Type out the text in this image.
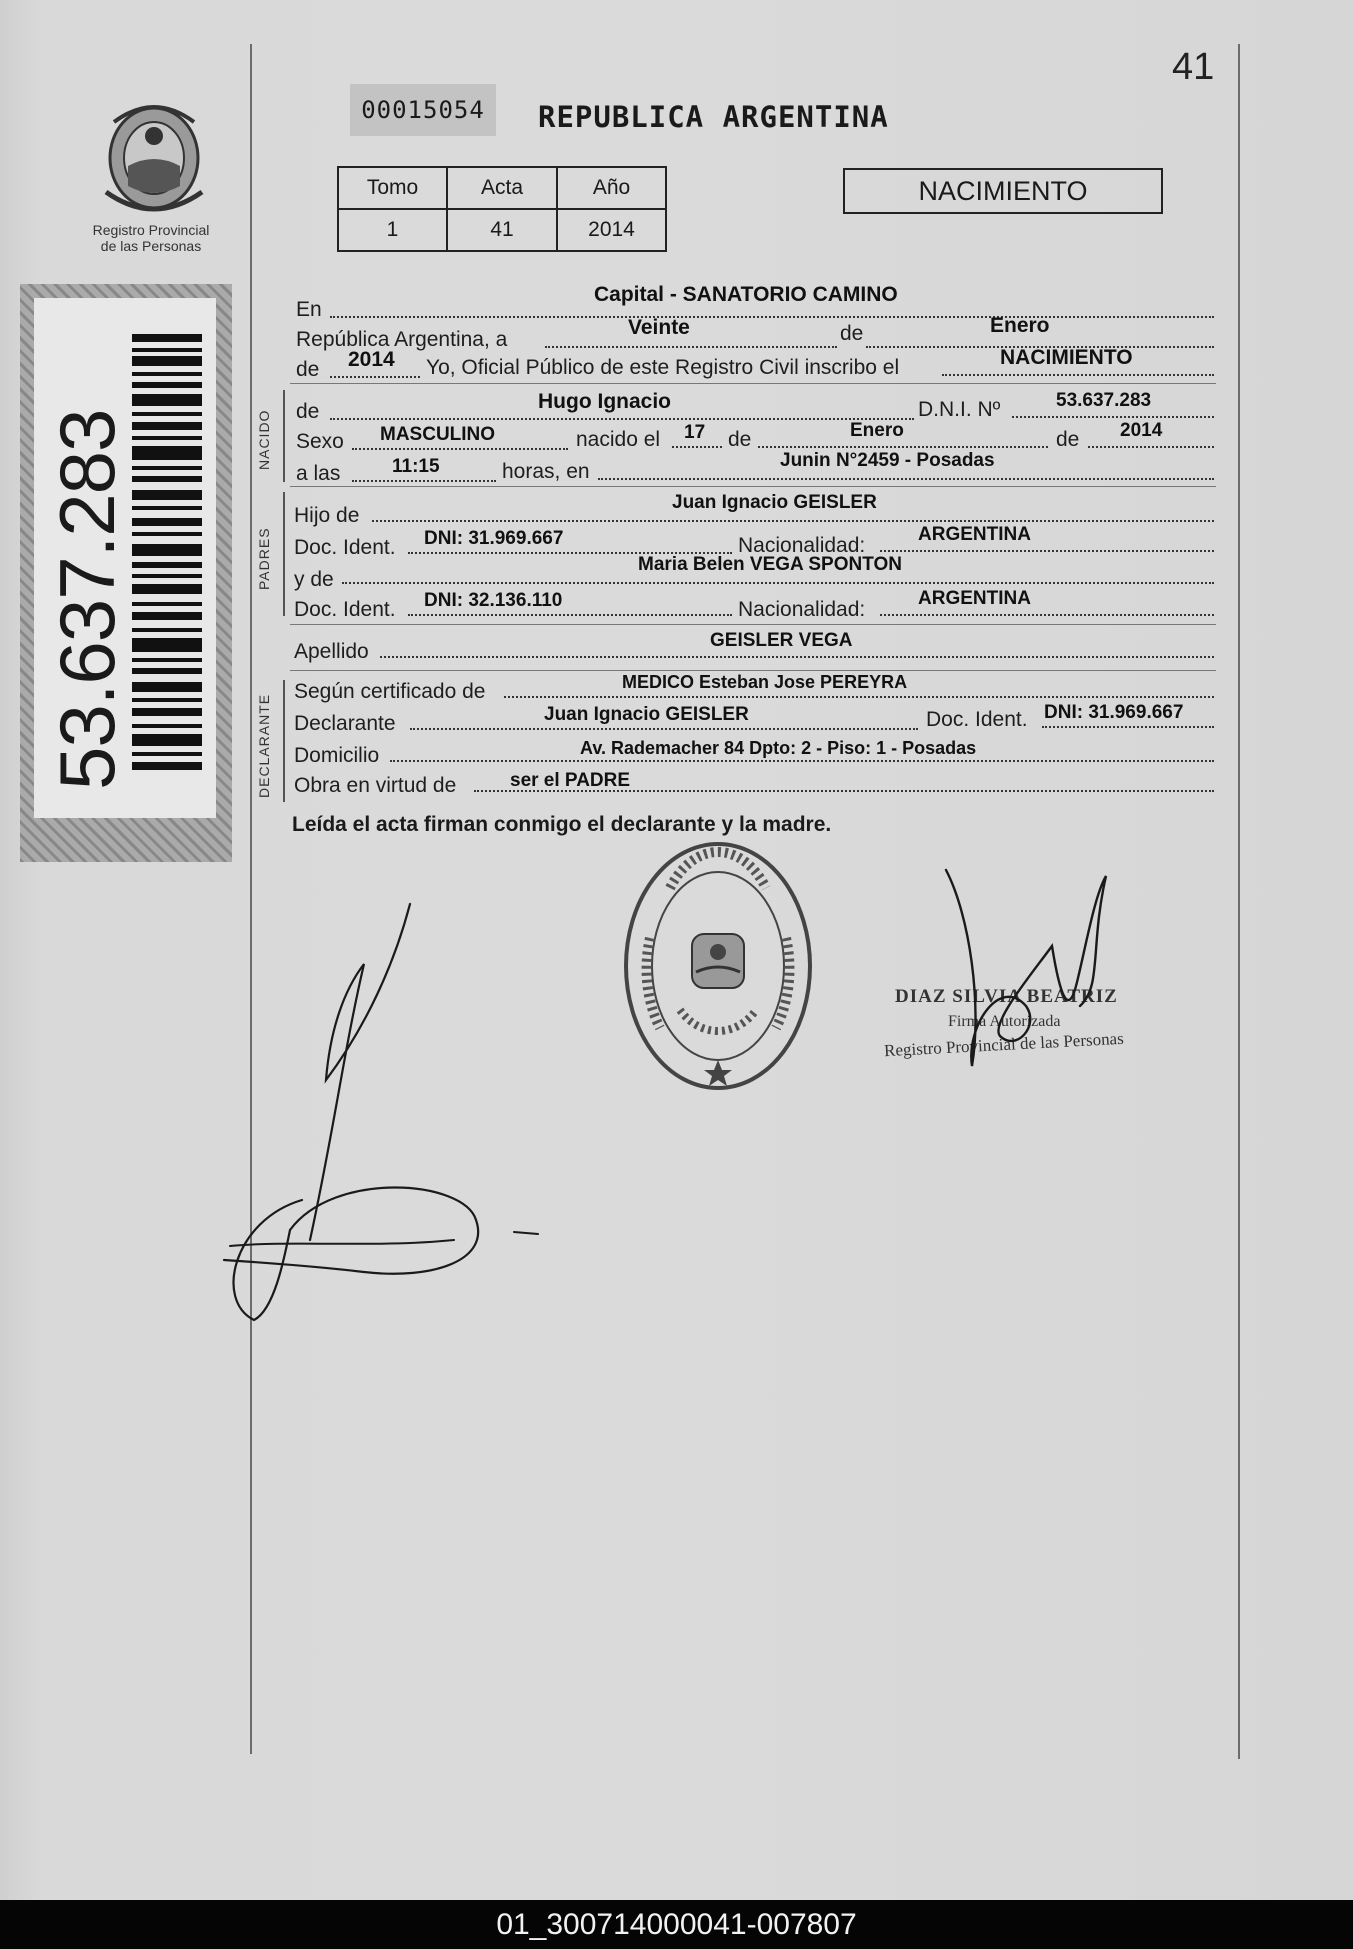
41
00015054	REPUBLICA ARGENTINA
Registro Provincial
de las Personas
Tomo	Acta	Año
1	41	2014
NACIMIENTO
53.637.283	NACIDO
PADRES
DECLARANTE
En
Capital - SANATORIO CAMINO
República Argentina, a
Veinte	de	Enero
de 2014 Yo, Oficial Público de este Registro Civil inscribo el	NACIMIENTO
de	Hugo Ignacio	D.N.I. Nº	53.637.283
Sexo MASCULINO	nacido el 17 de	Enero	de 2014
a las	11:15	horas, en	Junin N°2459 - Posadas
Hijo de
Juan Ignacio GEISLER
Doc. Ident. DNI: 31.969.667	Nacionalidad:	ARGENTINA
y de
Maria Belen VEGA SPONTON
Doc. Ident. DNI: 32.136.110	Nacionalidad:	ARGENTINA
Apellido	GEISLER VEGA
Según certificado de	MEDICO Esteban Jose PEREYRA
Declarante	Juan Ignacio GEISLER	Doc. Ident. DNI: 31.969.667
Domicilio	Av. Rademacher 84 Dpto: 2 - Piso: 1 - Posadas
Obra en virtud de	ser el PADRE
Leída el acta firman conmigo el declarante y la madre.
DIAZ SILVIA BEATRIZ
Firma Autorizada
Registro Provincial de las Personas
01_300714000041-007807
